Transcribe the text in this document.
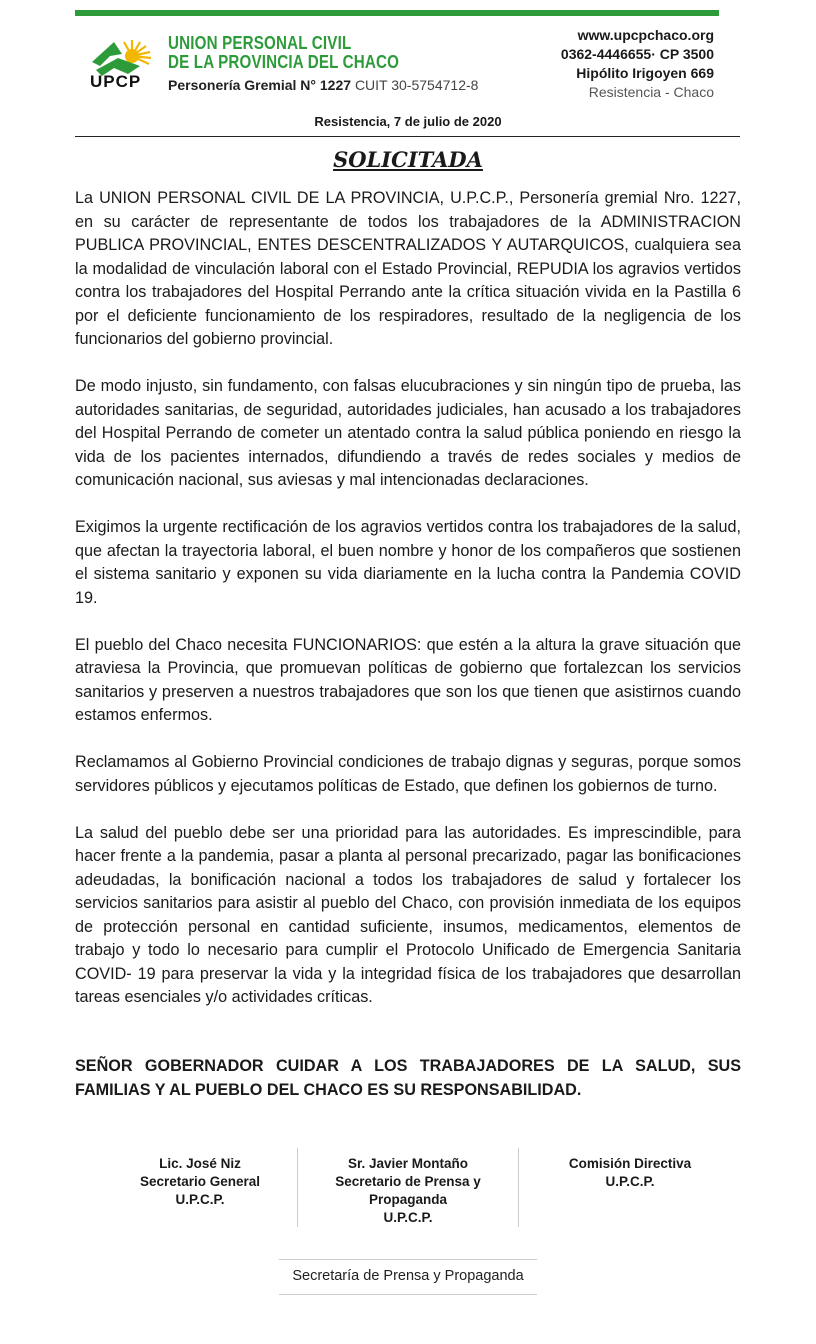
UPCP
UNION PERSONAL CIVIL
DE LA PROVINCIA DEL CHACO
Personería Gremial N° 1227 CUIT 30-5754712-8
www.upcpchaco.org
0362-4446655· CP 3500
Hipólito Irigoyen 669
Resistencia - Chaco
Resistencia, 7 de julio de 2020
SOLICITADA

La UNION PERSONAL CIVIL DE LA PROVINCIA, U.P.C.P., Personería gremial Nro. 1227, en su carácter de representante de todos los trabajadores de la ADMINISTRACION PUBLICA PROVINCIAL, ENTES DESCENTRALIZADOS Y AUTARQUICOS, cualquiera sea la modalidad de vinculación laboral con el Estado Provincial, REPUDIA los agravios vertidos contra los trabajadores del Hospital Perrando ante la crítica situación vivida en la Pastilla 6 por el deficiente funcionamiento de los respiradores, resultado de la negligencia de los funcionarios del gobierno provincial.

De modo injusto, sin fundamento, con falsas elucubraciones y sin ningún tipo de prueba, las autoridades sanitarias, de seguridad, autoridades judiciales, han acusado a los trabajadores del Hospital Perrando de cometer un atentado contra la salud pública poniendo en riesgo la vida de los pacientes internados, difundiendo a través de redes sociales y medios de comunicación nacional, sus aviesas y mal intencionadas declaraciones.

Exigimos la urgente rectificación de los agravios vertidos contra los trabajadores de la salud, que afectan la trayectoria laboral, el buen nombre y honor de los compañeros que sostienen el sistema sanitario y exponen su vida diariamente en la lucha contra la Pandemia COVID 19.

El pueblo del Chaco necesita FUNCIONARIOS: que estén a la altura la grave situación que atraviesa la Provincia, que promuevan políticas de gobierno que fortalezcan los servicios sanitarios y preserven a nuestros trabajadores que son los que tienen que asistirnos cuando estamos enfermos.

Reclamamos al Gobierno Provincial condiciones de trabajo dignas y seguras, porque somos servidores públicos y ejecutamos políticas de Estado, que definen los gobiernos de turno.

La salud del pueblo debe ser una prioridad para las autoridades. Es imprescindible, para hacer frente a la pandemia, pasar a planta al personal precarizado, pagar las bonificaciones adeudadas, la bonificación nacional a todos los trabajadores de salud y fortalecer los servicios sanitarios para asistir al pueblo del Chaco, con provisión inmediata de los equipos de protección personal en cantidad suficiente, insumos, medicamentos, elementos de trabajo y todo lo necesario para cumplir el Protocolo Unificado de Emergencia Sanitaria COVID- 19 para preservar la vida y la integridad física de los trabajadores que desarrollan tareas esenciales y/o actividades críticas.

SEÑOR GOBERNADOR CUIDAR A LOS TRABAJADORES DE LA SALUD, SUS FAMILIAS Y AL PUEBLO DEL CHACO ES SU RESPONSABILIDAD.
Lic. José Niz
Secretario General
U.P.C.P.
Sr. Javier Montaño
Secretario de Prensa y Propaganda
U.P.C.P.
Comisión Directiva
U.P.C.P.
Secretaría de Prensa y Propaganda
